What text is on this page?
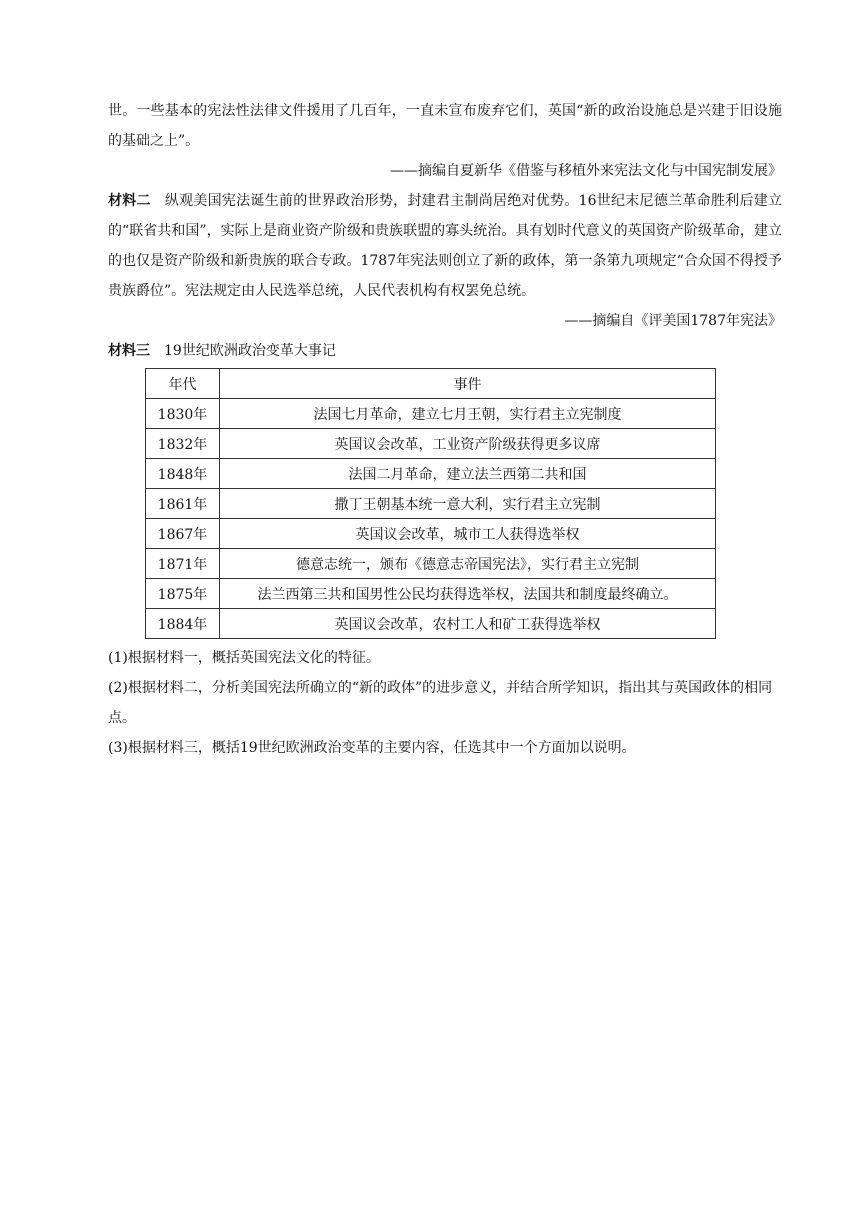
世。一些基本的宪法性法律文件援用了几百年，一直未宣布废弃它们，英国“新的政治设施总是兴建于旧设施的基础之上”。

——摘编自夏新华《借鉴与移植外来宪法文化与中国宪制发展》

材料二 纵观美国宪法诞生前的世界政治形势，封建君主制尚居绝对优势。16世纪末尼德兰革命胜利后建立的“联省共和国”，实际上是商业资产阶级和贵族联盟的寡头统治。具有划时代意义的英国资产阶级革命，建立的也仅是资产阶级和新贵族的联合专政。1787年宪法则创立了新的政体，第一条第九项规定“合众国不得授予贵族爵位”。宪法规定由人民选举总统，人民代表机构有权罢免总统。

——摘编自《评美国1787年宪法》

材料三 19世纪欧洲政治变革大事记

年代	事件
1830年	法国七月革命，建立七月王朝，实行君主立宪制度
1832年	英国议会改革，工业资产阶级获得更多议席
1848年	法国二月革命，建立法兰西第二共和国
1861年	撒丁王朝基本统一意大利，实行君主立宪制
1867年	英国议会改革，城市工人获得选举权
1871年	德意志统一，颁布《德意志帝国宪法》，实行君主立宪制
1875年	法兰西第三共和国男性公民均获得选举权，法国共和制度最终确立。
1884年	英国议会改革，农村工人和矿工获得选举权

(1)根据材料一，概括英国宪法文化的特征。

(2)根据材料二，分析美国宪法所确立的“新的政体”的进步意义，并结合所学知识，指出其与英国政体的相同点。

(3)根据材料三，概括19世纪欧洲政治变革的主要内容，任选其中一个方面加以说明。
